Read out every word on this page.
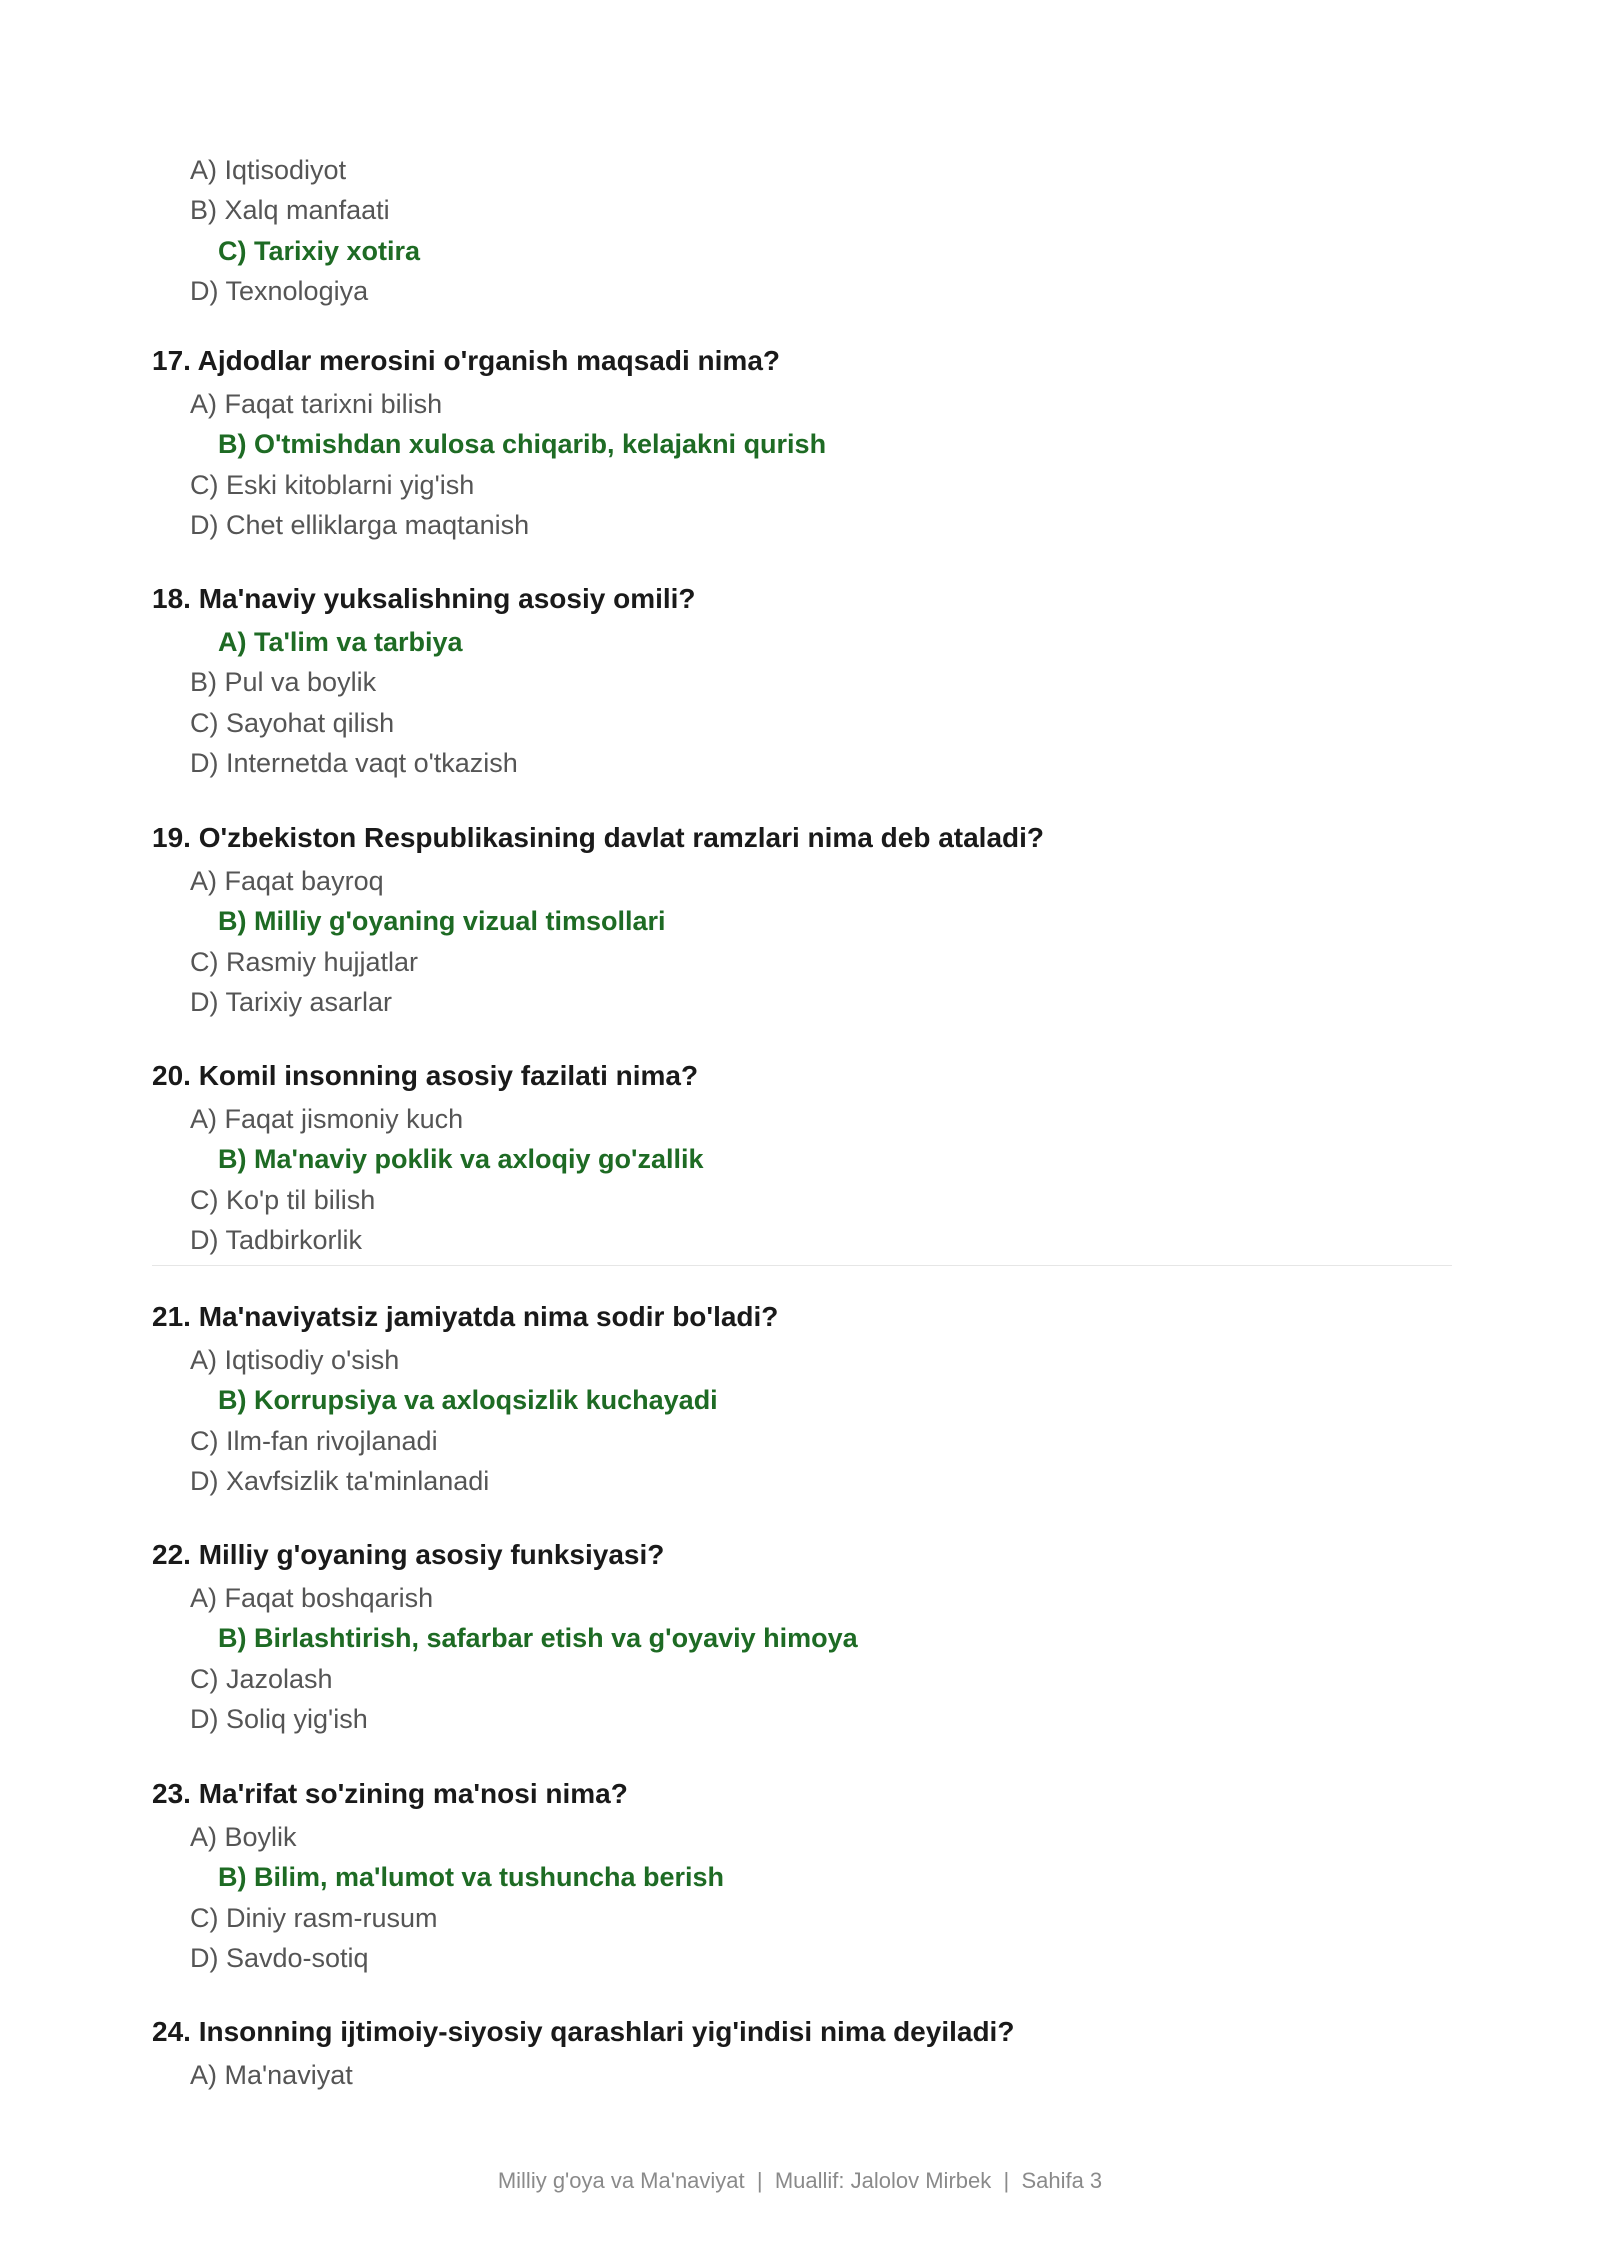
A) Iqtisodiyot
B) Xalq manfaati
C) Tarixiy xotira
D) Texnologiya

17. Ajdodlar merosini o'rganish maqsadi nima?

A) Faqat tarixni bilish
B) O'tmishdan xulosa chiqarib, kelajakni qurish
C) Eski kitoblarni yig'ish
D) Chet elliklarga maqtanish

18. Ma'naviy yuksalishning asosiy omili?

A) Ta'lim va tarbiya
B) Pul va boylik
C) Sayohat qilish
D) Internetda vaqt o'tkazish

19. O'zbekiston Respublikasining davlat ramzlari nima deb ataladi?

A) Faqat bayroq
B) Milliy g'oyaning vizual timsollari
C) Rasmiy hujjatlar
D) Tarixiy asarlar

20. Komil insonning asosiy fazilati nima?

A) Faqat jismoniy kuch
B) Ma'naviy poklik va axloqiy go'zallik
C) Ko'p til bilish
D) Tadbirkorlik

21. Ma'naviyatsiz jamiyatda nima sodir bo'ladi?

A) Iqtisodiy o'sish
B) Korrupsiya va axloqsizlik kuchayadi
C) Ilm-fan rivojlanadi
D) Xavfsizlik ta'minlanadi

22. Milliy g'oyaning asosiy funksiyasi?

A) Faqat boshqarish
B) Birlashtirish, safarbar etish va g'oyaviy himoya
C) Jazolash
D) Soliq yig'ish

23. Ma'rifat so'zining ma'nosi nima?

A) Boylik
B) Bilim, ma'lumot va tushuncha berish
C) Diniy rasm-rusum
D) Savdo-sotiq

24. Insonning ijtimoiy-siyosiy qarashlari yig'indisi nima deyiladi?

A) Ma'naviyat
Milliy g'oya va Ma'naviyat | Muallif: Jalolov Mirbek | Sahifa 3
